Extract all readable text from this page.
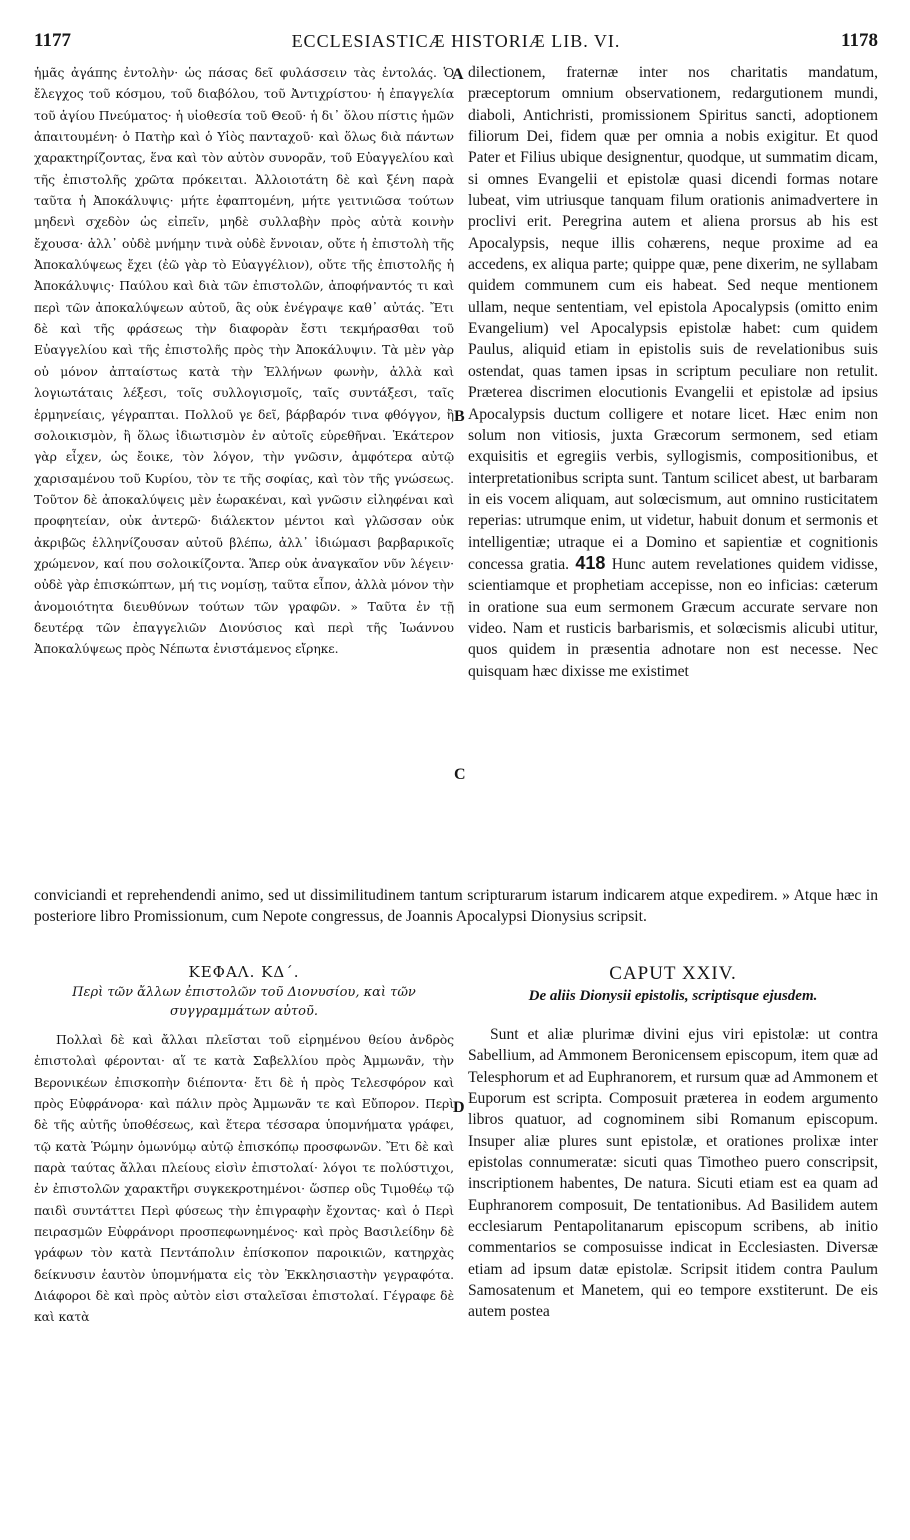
1177	ECCLESIASTICÆ HISTORIÆ LIB. VI.	1178

ἡμᾶς ἀγάπης ἐντολὴν· ὡς πάσας δεῖ φυλάσσειν τὰς ἐντολάς. Ὁ ἔλεγχος τοῦ κόσμου, τοῦ διαβόλου, τοῦ Ἀντιχρίστου· ἡ ἐπαγγελία τοῦ ἁγίου Πνεύματος· ἡ υἱοθεσία τοῦ Θεοῦ· ἡ δι᾽ ὅλου πίστις ἡμῶν ἀπαιτουμένη· ὁ Πατὴρ καὶ ὁ Υἱὸς πανταχοῦ· καὶ ὅλως διὰ πάντων χαρακτηρίζοντας, ἕνα καὶ τὸν αὐτὸν συνορᾶν, τοῦ Εὐαγγελίου καὶ τῆς ἐπιστολῆς χρῶτα πρόκειται. Ἀλλοιοτάτη δὲ καὶ ξένη παρὰ ταῦτα ἡ Ἀποκάλυψις· μήτε ἐφαπτομένη, μήτε γειτνιῶσα τούτων μηδενὶ σχεδὸν ὡς εἰπεῖν, μηδὲ συλλαβὴν πρὸς αὐτὰ κοινὴν ἔχουσα· ἀλλ᾽ οὐδὲ μνήμην τινὰ οὐδὲ ἔννοιαν, οὔτε ἡ ἐπιστολὴ τῆς Ἀποκαλύψεως ἔχει (ἐῶ γὰρ τὸ Εὐαγγέλιον), οὔτε τῆς ἐπιστολῆς ἡ Ἀποκάλυψις· Παύλου καὶ διὰ τῶν ἐπιστολῶν, ἀποφήναντός τι καὶ περὶ τῶν ἀποκαλύψεων αὐτοῦ, ἃς οὐκ ἐνέγραψε καθ᾽ αὐτάς. Ἔτι δὲ καὶ τῆς φράσεως τὴν διαφορὰν ἔστι τεκμήρασθαι τοῦ Εὐαγγελίου καὶ τῆς ἐπιστολῆς πρὸς τὴν Ἀποκάλυψιν. Τὰ μὲν γὰρ οὐ μόνον ἀπταίστως κατὰ τὴν Ἑλλήνων φωνὴν, ἀλλὰ καὶ λογιωτάταις λέξεσι, τοῖς συλλογισμοῖς, ταῖς συντάξεσι, ταῖς ἑρμηνείαις, γέγραπται. Πολλοῦ γε δεῖ, βάρβαρόν τινα φθόγγον, ἢ σολοικισμὸν, ἢ ὅλως ἰδιωτισμὸν ἐν αὐτοῖς εὑρεθῆναι. Ἑκάτερον γὰρ εἶχεν, ὡς ἔοικε, τὸν λόγον, τὴν γνῶσιν, ἀμφότερα αὐτῷ χαρισαμένου τοῦ Κυρίου, τὸν τε τῆς σοφίας, καὶ τὸν τῆς γνώσεως. Τοῦτον δὲ ἀποκαλύψεις μὲν ἑωρακέναι, καὶ γνῶσιν εἰληφέναι καὶ προφητείαν, οὐκ ἀντερῶ· διάλεκτον μέντοι καὶ γλῶσσαν οὐκ ἀκριβῶς ἑλληνίζουσαν αὐτοῦ βλέπω, ἀλλ᾽ ἰδιώμασι βαρβαρικοῖς χρώμενον, καί που σολοικίζοντα. Ἅπερ οὐκ ἀναγκαῖον νῦν λέγειν· οὐδὲ γὰρ ἐπισκώπτων, μή τις νομίσῃ, ταῦτα εἶπον, ἀλλὰ μόνον τὴν ἀνομοιότητα διευθύνων τούτων τῶν γραφῶν. » Ταῦτα ἐν τῇ δευτέρᾳ τῶν ἐπαγγελιῶν Διονύσιος καὶ περὶ τῆς Ἰωάννου Ἀποκαλύψεως πρὸς Νέπωτα ἐνιστάμενος εἴρηκε.

A
B
C
D

dilectionem, fraternæ inter nos charitatis mandatum, præceptorum omnium observationem, redargutionem mundi, diaboli, Antichristi, promissionem Spiritus sancti, adoptionem filiorum Dei, fidem quæ per omnia a nobis exigitur. Et quod Pater et Filius ubique designentur, quodque, ut summatim dicam, si omnes Evangelii et epistolæ quasi dicendi formas notare lubeat, vim utriusque tanquam filum orationis animadvertere in proclivi erit. Peregrina autem et aliena prorsus ab his est Apocalypsis, neque illis cohærens, neque proxime ad ea accedens, ex aliqua parte; quippe quæ, pene dixerim, ne syllabam quidem communem cum eis habeat. Sed neque mentionem ullam, neque sententiam, vel epistola Apocalypsis (omitto enim Evangelium) vel Apocalypsis epistolæ habet: cum quidem Paulus, aliquid etiam in epistolis suis de revelationibus suis ostendat, quas tamen ipsas in scriptum peculiare non retulit. Præterea discrimen elocutionis Evangelii et epistolæ ad ipsius Apocalypsis ductum colligere et notare licet. Hæc enim non solum non vitiosis, juxta Græcorum sermonem, sed etiam exquisitis et egregiis verbis, syllogismis, compositionibus, et interpretationibus scripta sunt. Tantum scilicet abest, ut barbaram in eis vocem aliquam, aut solœcismum, aut omnino rusticitatem reperias: utrumque enim, ut videtur, habuit donum et sermonis et intelligentiæ; utraque ei a Domino et sapientiæ et cognitionis concessa gratia. 418 Hunc autem revelationes quidem vidisse, scientiamque et prophetiam accepisse, non eo inficias: cæterum in oratione sua eum sermonem Græcum accurate servare non video. Nam et rusticis barbarismis, et solœcismis alicubi utitur, quos quidem in præsentia adnotare non est necesse. Nec quisquam hæc dixisse me existimet

conviciandi et reprehendendi animo, sed ut dissimilitudinem tantum scripturarum istarum indicarem atque expedirem. » Atque hæc in posteriore libro Promissionum, cum Nepote congressus, de Joannis Apocalypsi Dionysius scripsit.

ΚΕΦΑΛ. ΚΔ΄.

Περὶ τῶν ἄλλων ἐπιστολῶν τοῦ Διονυσίου, καὶ τῶν συγγραμμάτων αὐτοῦ.

Πολλαὶ δὲ καὶ ἄλλαι πλεῖσται τοῦ εἰρημένου θείου ἀνδρὸς ἐπιστολαὶ φέρονται· αἵ τε κατὰ Σαβελλίου πρὸς Ἀμμωνᾶν, τὴν Βερονικέων ἐπισκοπὴν διέποντα· ἔτι δὲ ἡ πρὸς Τελεσφόρον καὶ πρὸς Εὐφράνορα· καὶ πάλιν πρὸς Ἀμμωνᾶν τε καὶ Εὔπορον. Περὶ δὲ τῆς αὐτῆς ὑποθέσεως, καὶ ἕτερα τέσσαρα ὑπομνήματα γράφει, τῷ κατὰ Ῥώμην ὁμωνύμῳ αὐτῷ ἐπισκόπῳ προσφωνῶν. Ἔτι δὲ καὶ παρὰ ταύτας ἄλλαι πλείους εἰσὶν ἐπιστολαί· λόγοι τε πολύστιχοι, ἐν ἐπιστολῶν χαρακτῆρι συγκεκροτημένοι· ὥσπερ οὓς Τιμοθέῳ τῷ παιδὶ συντάττει Περὶ φύσεως τὴν ἐπιγραφὴν ἔχοντας· καὶ ὁ Περὶ πειρασμῶν Εὐφράνορι προσπεφωνημένος· καὶ πρὸς Βασιλείδην δὲ γράφων τὸν κατὰ Πεντάπολιν ἐπίσκοπον παροικιῶν, κατηρχὰς δείκνυσιν ἑαυτὸν ὑπομνήματα εἰς τὸν Ἐκκλησιαστὴν γεγραφότα. Διάφοροι δὲ καὶ πρὸς αὐτὸν εἰσι σταλεῖσαι ἐπιστολαί. Γέγραφε δὲ καὶ κατὰ

CAPUT XXIV.

De aliis Dionysii epistolis, scriptisque ejusdem.

Sunt et aliæ plurimæ divini ejus viri epistolæ: ut contra Sabellium, ad Ammonem Beronicensem episcopum, item quæ ad Telesphorum et ad Euphranorem, et rursum quæ ad Ammonem et Euporum est scripta. Composuit præterea in eodem argumento libros quatuor, ad cognominem sibi Romanum episcopum. Insuper aliæ plures sunt epistolæ, et orationes prolixæ inter epistolas connumeratæ: sicuti quas Timotheo puero conscripsit, inscriptionem habentes, De natura. Sicuti etiam est ea quam ad Euphranorem composuit, De tentationibus. Ad Basilidem autem ecclesiarum Pentapolitanarum episcopum scribens, ab initio commentarios se composuisse indicat in Ecclesiasten. Diversæ etiam ad ipsum datæ epistolæ. Scripsit itidem contra Paulum Samosatenum et Manetem, qui eo tempore exstiterunt. De eis autem postea
